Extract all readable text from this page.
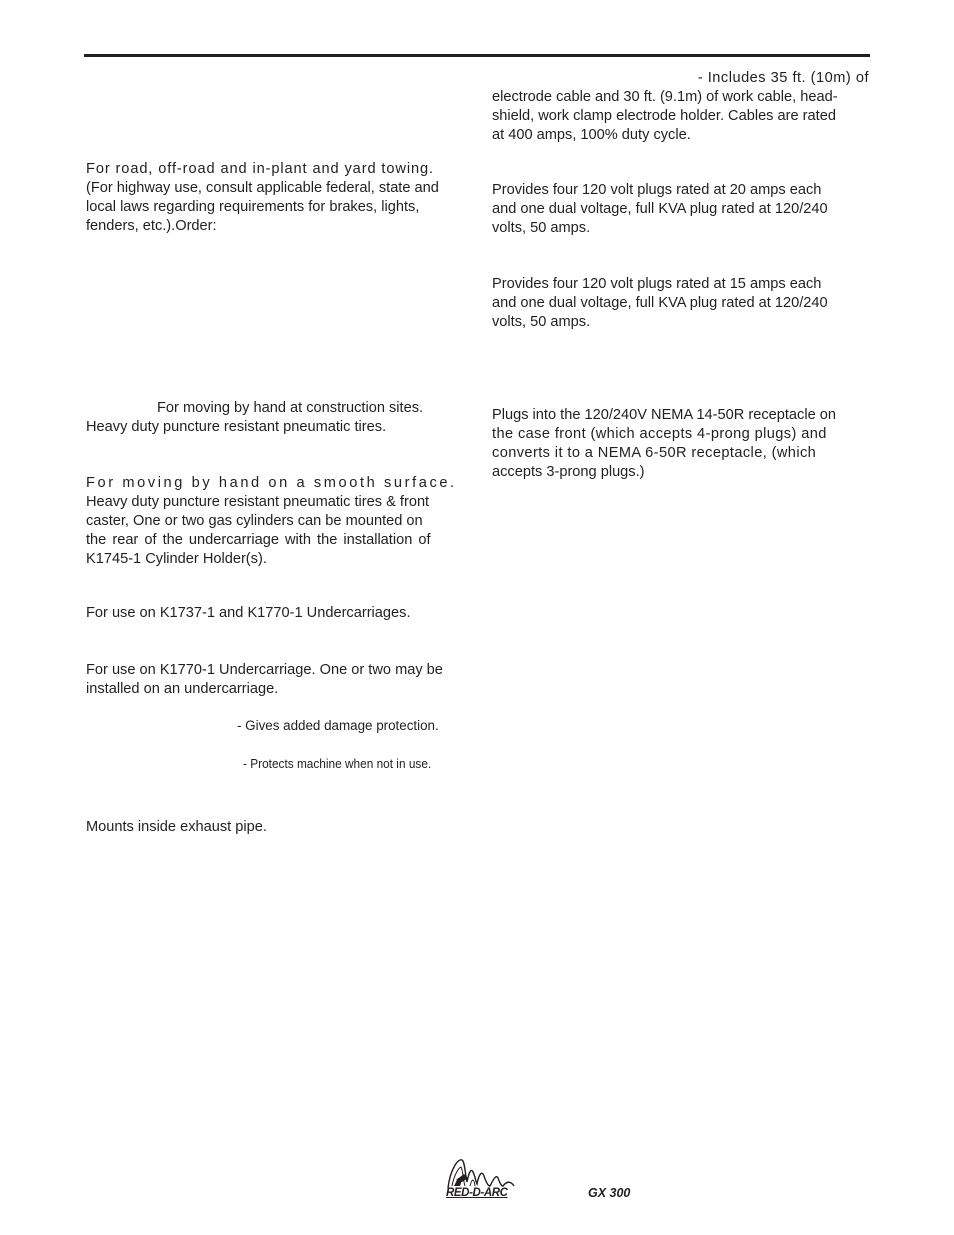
For road, off-road and in-plant and yard towing.
(For highway use, consult applicable federal, state and
local laws regarding requirements for brakes, lights,
fenders, etc.).Order:
For moving by hand at construction sites.
Heavy duty puncture resistant pneumatic tires.
For moving by hand on a smooth surface.
Heavy duty puncture resistant pneumatic tires & front
caster, One or two gas cylinders can be mounted on
the rear of the undercarriage with the installation of
K1745-1 Cylinder Holder(s).
For use on K1737-1 and K1770-1 Undercarriages.
For use on K1770-1 Undercarriage. One or two may be
installed on an undercarriage.
- Gives added damage protection.
- Protects machine when not in use.
Mounts inside exhaust pipe.
- Includes 35 ft. (10m) of
electrode cable and 30 ft. (9.1m) of work cable, head-
shield, work clamp electrode holder. Cables are rated
at 400 amps, 100% duty cycle.
Provides four 120 volt plugs rated at 20 amps each
and one dual voltage, full KVA plug rated at 120/240
volts, 50 amps.
Provides four 120 volt plugs rated at 15 amps each
and one dual voltage, full KVA plug rated at 120/240
volts, 50 amps.
Plugs into the 120/240V NEMA 14-50R receptacle on
the case front (which accepts 4-prong plugs) and
converts it to a NEMA 6-50R receptacle, (which
accepts 3-prong plugs.)
RED-D-ARC	GX 300
